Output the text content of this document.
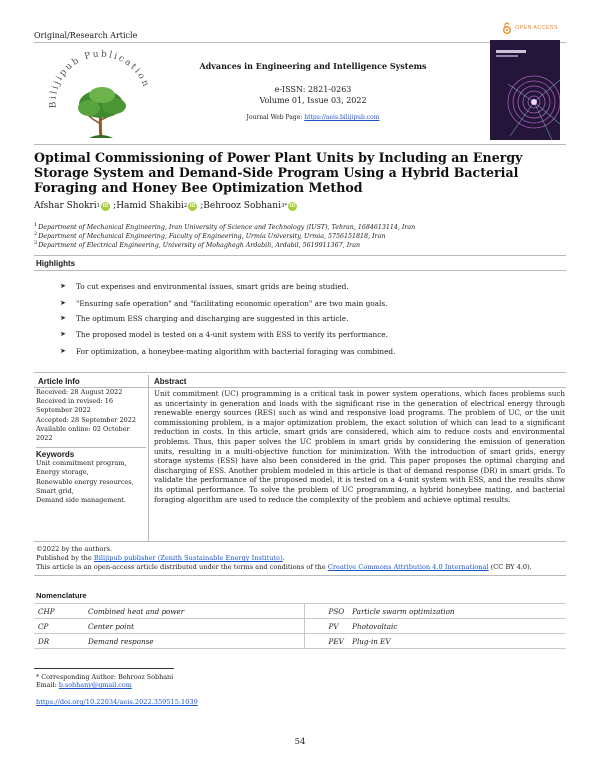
Original/Research Article
OPEN ACCESS
Bilijipub Publication
Advances in Engineering and Intelligence Systems
e-ISSN: 2821-0263
Volume 01, Issue 03, 2022
Journal Web Page: https://aeis.bilijipub.com
Optimal Commissioning of Power Plant Units by Including an Energy Storage System and Demand-Side Program Using a Hybrid Bacterial Foraging and Honey Bee Optimization Method
Afshar Shokri 1 iD ; Hamid Shakibi 2 iD ; Behrooz Sobhani 3* iD
$^1$Department of Mechanical Engineering, Iran University of Science and Technology (IUST), Tehran, 1684613114, Iran
$^2$Department of Mechanical Engineering, Faculty of Engineering, Urmia University, Urmia, 5756151818, Iran
$^3$Department of Electrical Engineering, University of Mohaghegh Ardabili, Ardabil, 5619911367, Iran
Highlights
➤	To cut expenses and environmental issues, smart grids are being studied.
➤	"Ensuring safe operation" and "facilitating economic operation" are two main goals.
➤	The optimum ESS charging and discharging are suggested in this article.
➤	The proposed model is tested on a 4-unit system with ESS to verify its performance.
➤	For optimization, a honeybee-mating algorithm with bacterial foraging was combined.
Article Info	Abstract
Received: 28 August 2022
Received in revised: 16
September 2022
Accepted: 28 September 2022
Available online: 02 October
2022
Keywords
Unit commitment program,
Energy storage,
Renewable energy resources,
Smart grid,
Demand side management.
Unit commitment (UC) programming is a critical task in power system operations, which faces problems such as uncertainty in generation and loads with the significant rise in the generation of electrical energy through renewable energy sources (RES) such as wind and responsive load programs. The problem of UC, or the unit commissioning problem, is a major optimization problem, the exact solution of which can lead to a significant reduction in costs. In this article, smart grids are considered, which aim to reduce costs and environmental problems. Thus, this paper solves the UC problem in smart grids by considering the emission of generation units, resulting in a multi-objective function for minimization. With the introduction of smart grids, energy storage systems (ESS) have also been considered in the grid. This paper proposes the optimal charging and discharging of ESS. Another problem modeled in this article is that of demand response (DR) in smart grids. To validate the performance of the proposed model, it is tested on a 4-unit system with ESS, and the results show its optimal performance. To solve the problem of UC programming, a hybrid honeybee mating, and bacterial foraging algorithm are used to reduce the complexity of the problem and achieve optimal results.
©2022 by the authors.
Published by the Bilijipub publisher (Zenith Sustainable Energy Institute).
This article is an open-access article distributed under the terms and conditions of the Creative Commons Attribution 4.0 International (CC BY 4.0).
Nomenclature
CHP	Combined heat and power	PSO	Particle swarm optimization
CP	Center point	PV	Photovoltaic
DR	Demand response	PEV	Plug-in EV
* Corresponding Author: Behrooz Sobhani
Email: b.sobhany@gmail.com
https://doi.org/10.22034/aeis.2022.359515.1039
54
